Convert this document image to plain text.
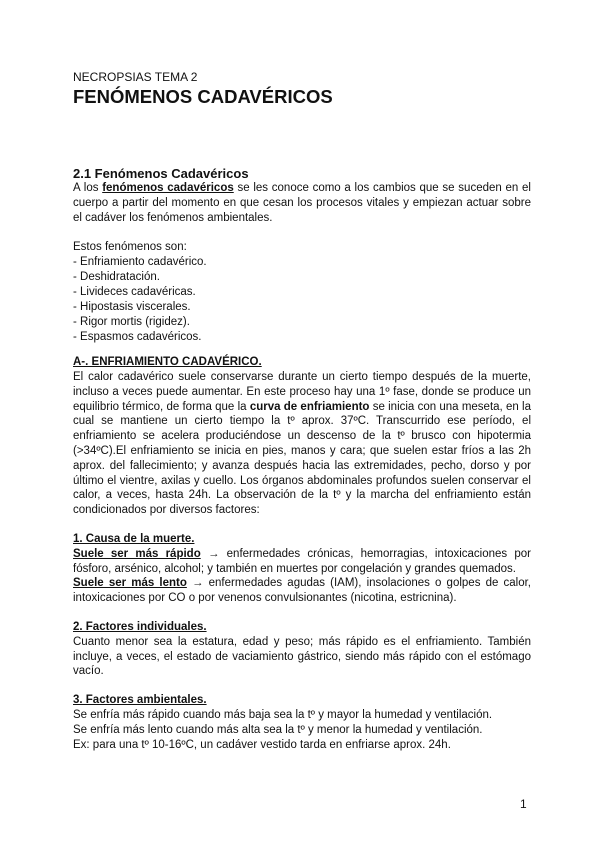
NECROPSIAS TEMA 2
FENÓMENOS CADAVÉRICOS
2.1 Fenómenos Cadavéricos

A los fenómenos cadavéricos se les conoce como a los cambios que se suceden en el cuerpo a partir del momento en que cesan los procesos vitales y empiezan actuar sobre el cadáver los fenómenos ambientales.

Estos fenómenos son:

- Enfriamiento cadavérico.
- Deshidratación.
- Livideces cadavéricas.
- Hipostasis viscerales.
- Rigor mortis (rigidez).
- Espasmos cadavéricos.
A-. ENFRIAMIENTO CADAVÉRICO.

El calor cadavérico suele conservarse durante un cierto tiempo después de la muerte, incluso a veces puede aumentar. En este proceso hay una 1º fase, donde se produce un equilibrio térmico, de forma que la curva de enfriamiento se inicia con una meseta, en la cual se mantiene un cierto tiempo la tº aprox. 37ºC. Transcurrido ese período, el enfriamiento se acelera produciéndose un descenso de la tº brusco con hipotermia (>34ºC).El enfriamiento se inicia en pies, manos y cara; que suelen estar fríos a las 2h aprox. del fallecimiento; y avanza después hacia las extremidades, pecho, dorso y por último el vientre, axilas y cuello. Los órganos abdominales profundos suelen conservar el calor, a veces, hasta 24h. La observación de la tº y la marcha del enfriamiento están condicionados por diversos factores:

1. Causa de la muerte.

Suele ser más rápido → enfermedades crónicas, hemorragias, intoxicaciones por fósforo, arsénico, alcohol; y también en muertes por congelación y grandes quemados.

Suele ser más lento → enfermedades agudas (IAM), insolaciones o golpes de calor, intoxicaciones por CO o por venenos convulsionantes (nicotina, estricnina).

2. Factores individuales.

Cuanto menor sea la estatura, edad y peso; más rápido es el enfriamiento. También incluye, a veces, el estado de vaciamiento gástrico, siendo más rápido con el estómago vacío.

3. Factores ambientales.

Se enfría más rápido cuando más baja sea la tº y mayor la humedad y ventilación.

Se enfría más lento cuando más alta sea la tº y menor la humedad y ventilación.

Ex: para una tº 10-16ºC, un cadáver vestido tarda en enfriarse aprox. 24h.

1
